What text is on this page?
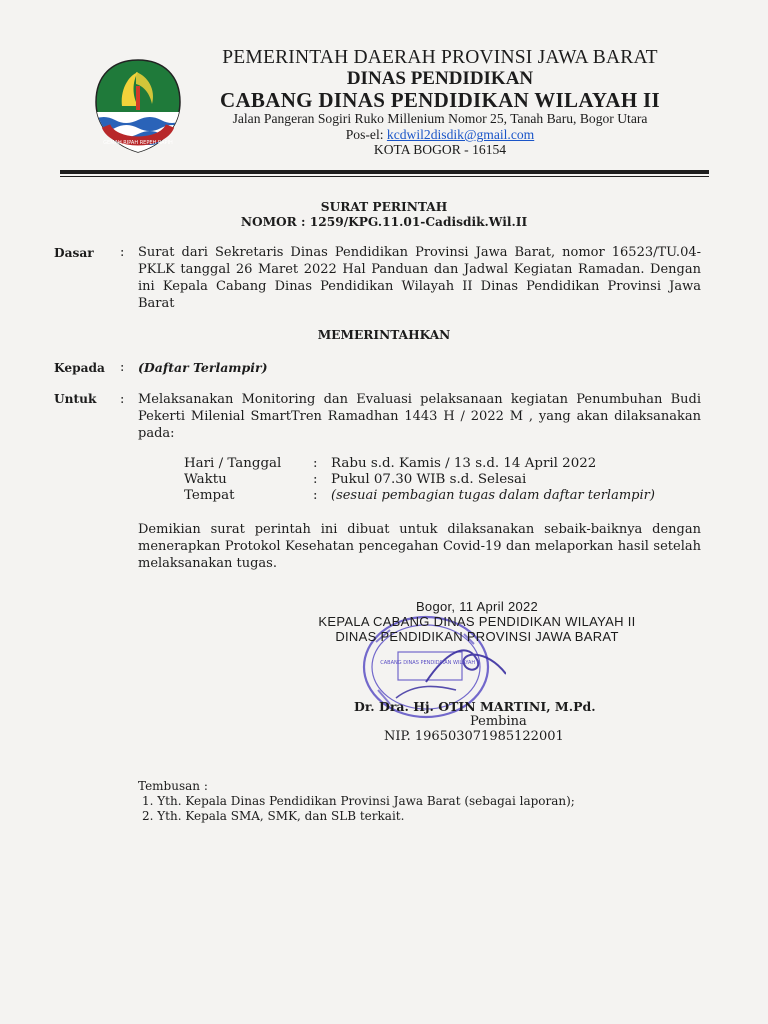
GEMAH RIPAH REPEH RAPIH
PEMERINTAH DAERAH PROVINSI JAWA BARAT
DINAS PENDIDIKAN
CABANG DINAS PENDIDIKAN WILAYAH II
Jalan Pangeran Sogiri Ruko Millenium Nomor 25, Tanah Baru, Bogor Utara
Pos-el: kcdwil2disdik@gmail.com
KOTA BOGOR - 16154
SURAT PERINTAH
NOMOR : 1259/KPG.11.01-Cadisdik.Wil.II
Dasar : Surat dari Sekretaris Dinas Pendidikan Provinsi Jawa Barat, nomor 16523/TU.04-PKLK tanggal 26 Maret 2022 Hal Panduan dan Jadwal Kegiatan Ramadan. Dengan ini Kepala Cabang Dinas Pendidikan Wilayah II Dinas Pendidikan Provinsi Jawa Barat
MEMERINTAHKAN
Kepada : (Daftar Terlampir)
Untuk : Melaksanakan Monitoring dan Evaluasi pelaksanaan kegiatan Penumbuhan Budi Pekerti Milenial SmartTren Ramadhan 1443 H / 2022 M , yang akan dilaksanakan pada:
Hari / Tanggal : Rabu s.d. Kamis / 13 s.d. 14 April 2022
Waktu	: Pukul 07.30 WIB s.d. Selesai
Tempat	: (sesuai pembagian tugas dalam daftar terlampir)
Demikian surat perintah ini dibuat untuk dilaksanakan sebaik-baiknya dengan menerapkan Protokol Kesehatan pencegahan Covid-19 dan melaporkan hasil setelah melaksanakan tugas.
CABANG DINAS PENDIDIKAN WILAYAH II
Bogor, 11 April 2022
KEPALA CABANG DINAS PENDIDIKAN WILAYAH II
DINAS PENDIDIKAN PROVINSI JAWA BARAT
Dr. Dra. Hj. OTIN MARTINI, M.Pd.
Pembina
NIP. 196503071985122001
Tembusan :
1. Yth. Kepala Dinas Pendidikan Provinsi Jawa Barat (sebagai laporan);
2. Yth. Kepala SMA, SMK, dan SLB terkait.
